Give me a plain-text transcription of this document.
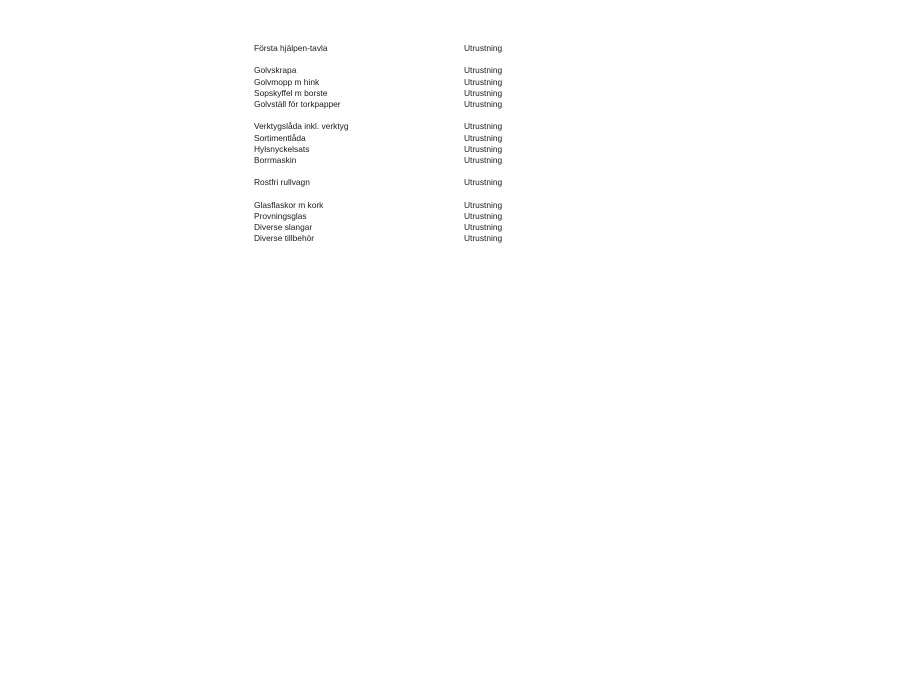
Första hjälpen-tavla	Utrustning
Golvskrapa	Utrustning
Golvmopp m hink	Utrustning
Sopskyffel m borste	Utrustning
Golvställ för torkpapper	Utrustning
Verktygslåda inkl. verktyg	Utrustning
Sortimentlåda	Utrustning
Hylsnyckelsats	Utrustning
Borrmaskin	Utrustning
Rostfri rullvagn	Utrustning
Glasflaskor m kork	Utrustning
Provningsglas	Utrustning
Diverse slangar	Utrustning
Diverse tillbehör	Utrustning
